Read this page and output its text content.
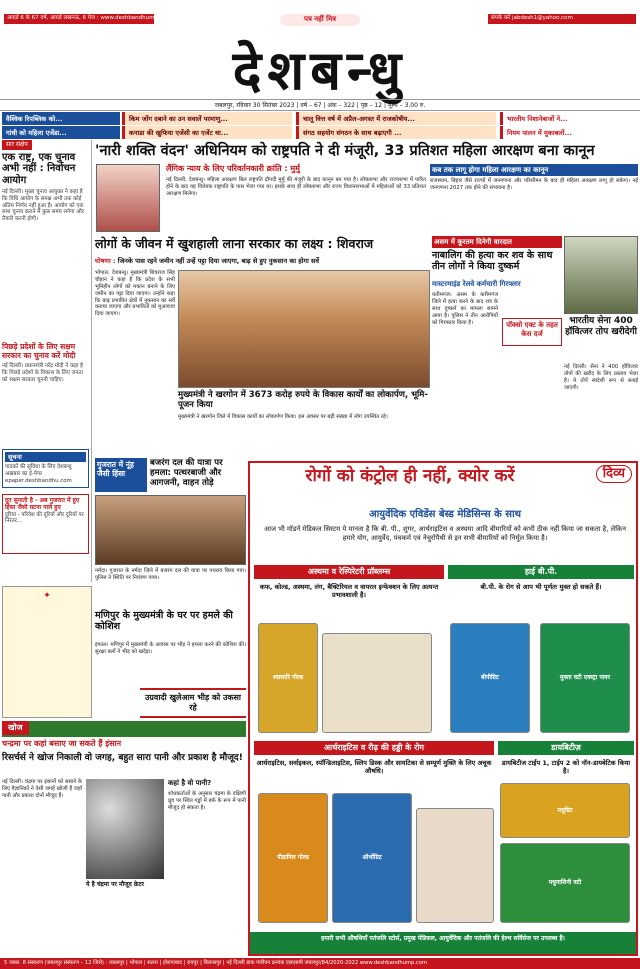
अवार्ड 6 के 67 वर्ष, अवार्ड लखनऊ, 6 पेज : www.deshbandhump.com	पत्र नहीं मित्र	संपर्क करें jabdesh1@yahoo.com
देशबन्धु
जबलपुर, रविवार 30 सितंबर 2023 | वर्ष – 67 | अंक – 322 | पृष्ठ – 12 | मूल्य – 3.00 रु.
वैश्विक रिपब्लिक को...
गांधी को महिला एजेंडा...
किम जोंग दबाने का उन सवालें परमाणु...
कनाडा की खुफिया एजेंसी का एजेंट था...
चालू वित्त वर्ष में अप्रैल-अगस्त में राजकोषीय...
संगठ सहयोग संगठन के साथ बढ़ाएगी ...
भारतीय निशानेबाजों ने...
नियम पालन में मुकाबलों...
सार संक्षेप
एक राष्ट्र, एक चुनाव अभी नहीं : निर्वाचन आयोग
नई दिल्ली। मुख्य चुनाव आयुक्त ने कहा है कि विधि आयोग के समक्ष अभी तक कोई अंतिम निर्णय नहीं हुआ है। आयोग को एक साथ चुनाव कराने में कुछ समय लगेगा और तैयारी करनी होगी।
पिछड़े प्रदेशों के लिए सक्षम सरकार का चुनाव करें मोदी
नई दिल्ली। प्रधानमंत्री नरेंद्र मोदी ने कहा है कि पिछड़े प्रदेशों के विकास के लिए जनता को सक्षम सरकार चुननी चाहिए।
सूचना
पाठकों की सुविधा के लिए देशबन्धु अखबार का ई-पेपर epaper.deshbandhu.com
दूत सुनाती है - अब गुजरात में हुए हिंसा जैसी घटना पाले हुए
दूरिया - परिवेश की दूरियाँ और दूरियों पर निरंतर...
'नारी शक्ति वंदन' अधिनियम को राष्ट्रपति ने दी मंजूरी, 33 प्रतिशत महिला आरक्षण बना कानून
लैंगिक न्याय के लिए परिवर्तनकारी क्रांति : मुर्मु
नई दिल्ली, देशबन्धु। महिला आरक्षण बिल राष्ट्रपति द्रौपदी मुर्मु की मंजूरी के बाद कानून बन गया है। लोकसभा और राज्यसभा में पारित होने के बाद यह विधेयक राष्ट्रपति के पास भेजा गया था। इसके साथ ही लोकसभा और राज्य विधानसभाओं में महिलाओं को 33 प्रतिशत आरक्षण मिलेगा।
कब तक लागू होगा महिला आरक्षण का कानून
राजस्थान, बिहार जैसे राज्यों में जनगणना और परिसीमन के बाद ही महिला आरक्षण लागू हो सकेगा। नई जनगणना 2027 तक होने की संभावना है।
लोगों के जीवन में खुशहाली लाना सरकार का लक्ष्य : शिवराज
घोषणा : जिनके पास रहने जमीन नहीं उन्हें पट्टा दिया जाएगा, बाढ़ से हुए नुकसान का होगा सर्वे
भोपाल, देशबन्धु। मुख्यमंत्री शिवराज सिंह चौहान ने कहा है कि प्रदेश के सभी भूमिहीन लोगों को मकान बनाने के लिए जमीन का पट्टा दिया जाएगा। उन्होंने कहा कि बाढ़ प्रभावित क्षेत्रों में नुकसान का सर्वे कराया जाएगा और प्रभावितों को मुआवजा दिया जाएगा।
मुख्यमंत्री ने खरगोन में 3673 करोड़ रुपये के विकास कार्यों का लोकार्पण, भूमि-पूजन किया
मुख्यमंत्री ने खरगोन जिले में विकास कार्यों का लोकार्पण किया। इस अवसर पर बड़ी संख्या में लोग उपस्थित रहे।
असम में कूरतम दिनेगी वारदात
नाबालिग की हत्या कर शव के साथ तीन लोगों ने किया दुष्कर्म
मास्टरमाइंड रेलवे कर्मचारी गिरफ्तार
करीमगंज। असम के करीमगंज जिले में हत्या करने के बाद शव के साथ दुष्कर्म का मामला सामने आया है। पुलिस ने तीन आरोपियों को गिरफ्तार किया है।	पॉक्सो एक्ट के तहत केस दर्ज
भारतीय सेना 400 हॉवित्जर तोप खरीदेगी
नई दिल्ली। सेना ने 400 हॉवित्जर तोपों की खरीद के लिए प्रस्ताव भेजा है। ये तोपें स्वदेशी रूप से बनाई जाएंगी।
गुजरात में नूंह जैसी हिंसा
बजरंग दल की यात्रा पर हमला: पत्थरबाजी और आगजनी, वाहन तोड़े
नर्मदा। गुजरात के नर्मदा जिले में बजरंग दल की यात्रा पर पथराव किया गया। पुलिस ने स्थिति पर नियंत्रण पाया।
मणिपुर के मुख्यमंत्री के घर पर हमले की कोशिश
इंफाल। मणिपुर में मुख्यमंत्री के आवास पर भीड़ ने हमला करने की कोशिश की। सुरक्षा बलों ने भीड़ को खदेड़ा।
उग्रवादी खुलेआम भीड़ को उकसा रहे
✦
खोज
चन्द्रमा पर कहां बसाए जा सकते हैं इंसान
रिसर्चर्स ने खोज निकाली वो जगह, बहुत सारा पानी और प्रकाश है मौजूद!
नई दिल्ली। चंद्रमा पर इंसानों को बसाने के लिए वैज्ञानिकों ने ऐसी जगहें खोजी हैं जहाँ पानी और प्रकाश दोनों मौजूद हैं।
ये है चंद्रमा पर मौजूद क्रेटर
कहां है वो पानी?
शोधकर्ताओं के अनुसार चंद्रमा के दक्षिणी ध्रुव पर स्थित गड्ढों में बर्फ के रूप में पानी मौजूद हो सकता है।
दिव्य
रोगों को कंट्रोल ही नहीं, क्योर करें
आयुर्वेदिक एविडेंस बेस्ड मेडिसिन्स के साथ
आज भी मॉडर्न मेडिकल सिस्टम ये मानता है कि बी. पी., शुगर, आर्थराइटिस व अस्थमा आदि बीमारियों को कभी ठीक नहीं किया जा सकता है, लेकिन हमारे योग, आयुर्वेद, पंचकर्म एवं नेचुरोपैथी से इन सभी बीमारियों को निर्मूल किया है।
अस्थमा व रेस्पिरेटरी प्रॉब्लम्स	हाई बी.पी.
कफ, कोल्ड, अस्थमा, लंग, बैक्टिरियल व वायरल इन्फेक्शन के लिए अत्यन्त प्रभावशाली है।
बी.पी. के रोग से आप भी पूर्णतः मुक्त हो सकते हैं।
श्वासारि गोल्ड	बीपीग्रिट	मुक्ता वटी एक्स्ट्रा पावर
आर्थराइटिस व रीढ़ की हड्डी के रोग	डायबिटीज़
आर्थराइटिस, सर्वाइकल, स्पॉन्डिलाइटिस, स्लिप डिस्क और सायटिका से सम्पूर्ण मुक्ति के लिए अचूक औषधि।
डायबिटीज टाईप 1, टाईप 2 को नॉन-डायबेटिक किया है।
पीडानिल गोल्ड	ऑर्थोग्रिट
मधुग्रिट
मधुनाशिनी वटी
हमारी सभी औषधियाँ पतंजलि स्टोर्स, प्रमुख मेडिकल, आयुर्वेदिक और पतंजलि की हेल्थ सर्विसेज पर उपलब्ध हैं।
5 जबल. 8 संस्करण (जबलपुर संस्करण – 12 जिले) : जबलपुर | भोपाल | सतना | होशंगाबाद | रायपुर | बिलासपुर | नई दिल्ली डाक पंजीयन क्रमांक एसएसपी जबलपुर/84/2020-2022 www.deshbandhump.com
